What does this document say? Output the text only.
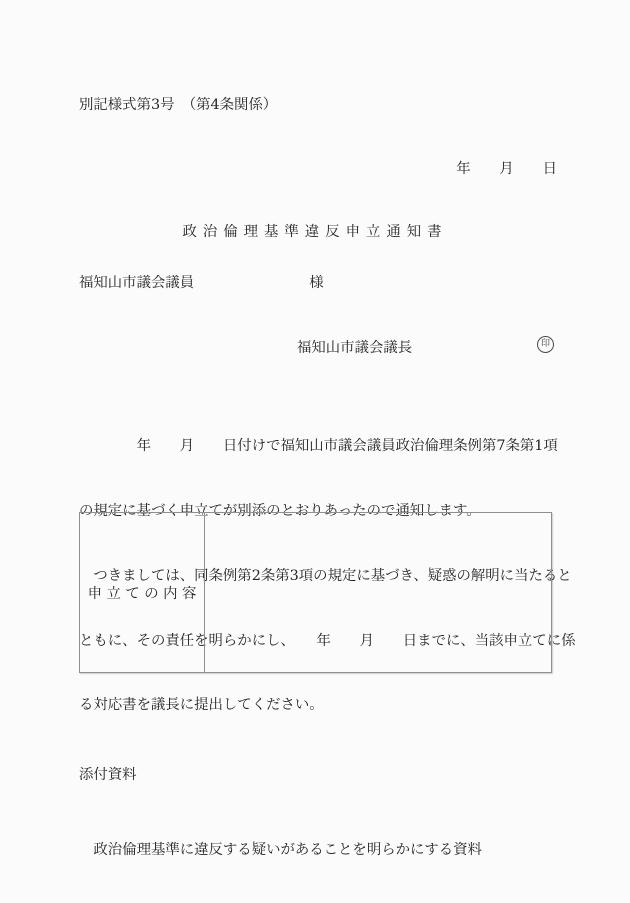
別記様式第3号　（第4条関係）
年　　月　　日
政治倫理基準違反申立通知書
福知山市議会議員　　　　　　　　様
福知山市議会議長	印

　　　　年　　月　　日付けで福知山市議会議員政治倫理条例第7条第1項

の規定に基づく申立てが別添のとおりあったので通知します。

　つきましては、同条例第2条第3項の規定に基づき、疑惑の解明に当たると

ともに、その責任を明らかにし、　　年　　月　　日までに、当該申立てに係

る対応書を議長に提出してください。

申立ての内容

添付資料

　政治倫理基準に違反する疑いがあることを明らかにする資料
